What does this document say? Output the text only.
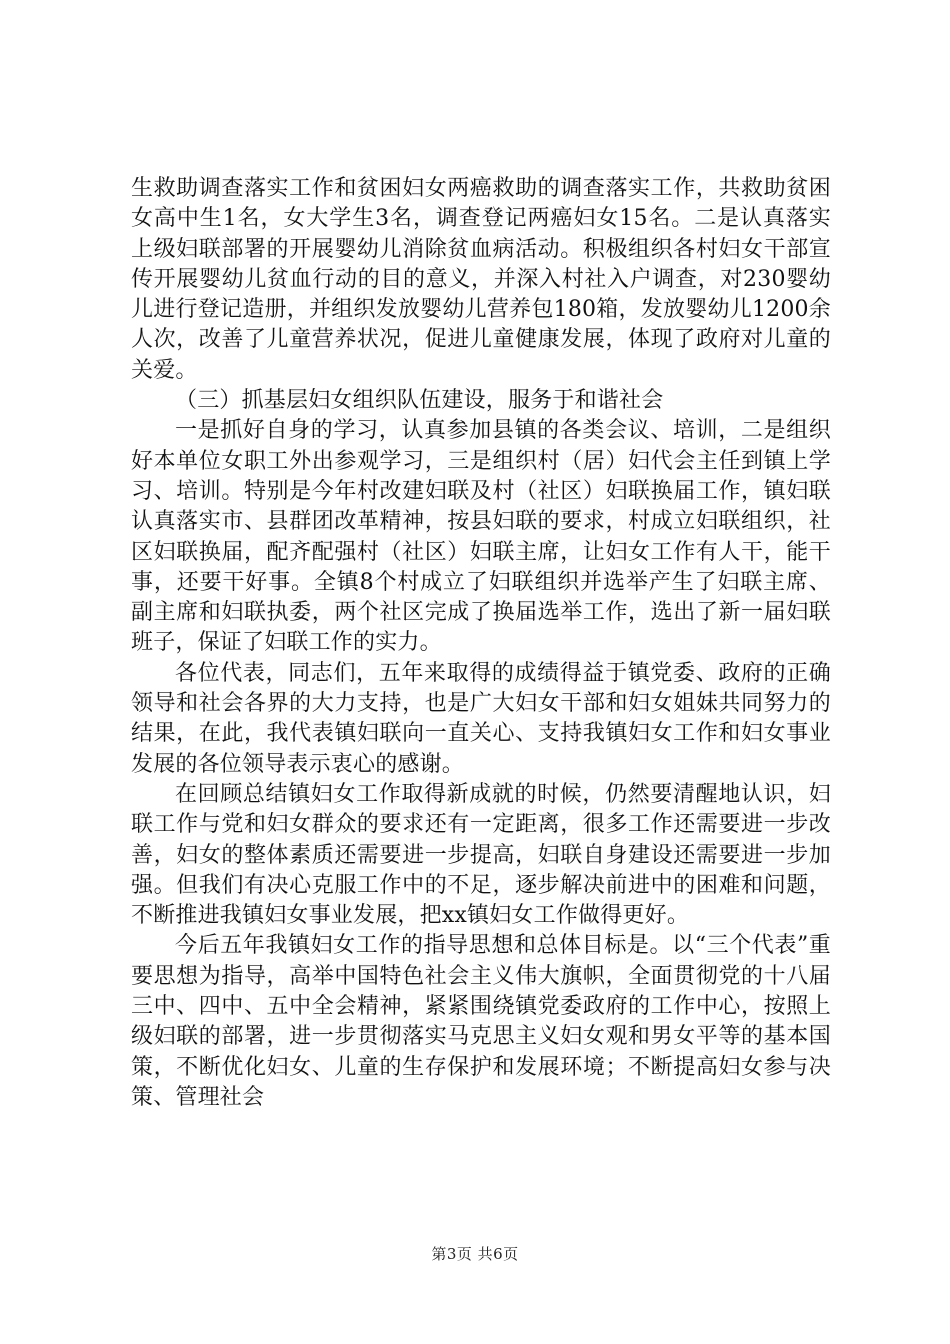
生救助调查落实工作和贫困妇女两癌救助的调查落实工作，共救助贫困女高中生1名，女大学生3名，调查登记两癌妇女15名。二是认真落实上级妇联部署的开展婴幼儿消除贫血病活动。积极组织各村妇女干部宣传开展婴幼儿贫血行动的目的意义，并深入村社入户调查，对230婴幼儿进行登记造册，并组织发放婴幼儿营养包180箱，发放婴幼儿1200余人次，改善了儿童营养状况，促进儿童健康发展，体现了政府对儿童的关爱。

（三）抓基层妇女组织队伍建设，服务于和谐社会

一是抓好自身的学习，认真参加县镇的各类会议、培训，二是组织好本单位女职工外出参观学习，三是组织村（居）妇代会主任到镇上学习、培训。特别是今年村改建妇联及村（社区）妇联换届工作，镇妇联认真落实市、县群团改革精神，按县妇联的要求，村成立妇联组织，社区妇联换届，配齐配强村（社区）妇联主席，让妇女工作有人干，能干事，还要干好事。全镇8个村成立了妇联组织并选举产生了妇联主席、副主席和妇联执委，两个社区完成了换届选举工作，选出了新一届妇联班子，保证了妇联工作的实力。

各位代表，同志们，五年来取得的成绩得益于镇党委、政府的正确领导和社会各界的大力支持，也是广大妇女干部和妇女姐妹共同努力的结果，在此，我代表镇妇联向一直关心、支持我镇妇女工作和妇女事业发展的各位领导表示衷心的感谢。

在回顾总结镇妇女工作取得新成就的时候，仍然要清醒地认识，妇联工作与党和妇女群众的要求还有一定距离，很多工作还需要进一步改善，妇女的整体素质还需要进一步提高，妇联自身建设还需要进一步加强。但我们有决心克服工作中的不足，逐步解决前进中的困难和问题，不断推进我镇妇女事业发展，把xx镇妇女工作做得更好。

今后五年我镇妇女工作的指导思想和总体目标是。以“三个代表”重要思想为指导，高举中国特色社会主义伟大旗帜，全面贯彻党的十八届三中、四中、五中全会精神，紧紧围绕镇党委政府的工作中心，按照上级妇联的部署，进一步贯彻落实马克思主义妇女观和男女平等的基本国策，不断优化妇女、儿童的生存保护和发展环境；不断提高妇女参与决策、管理社会

第3页 共6页
